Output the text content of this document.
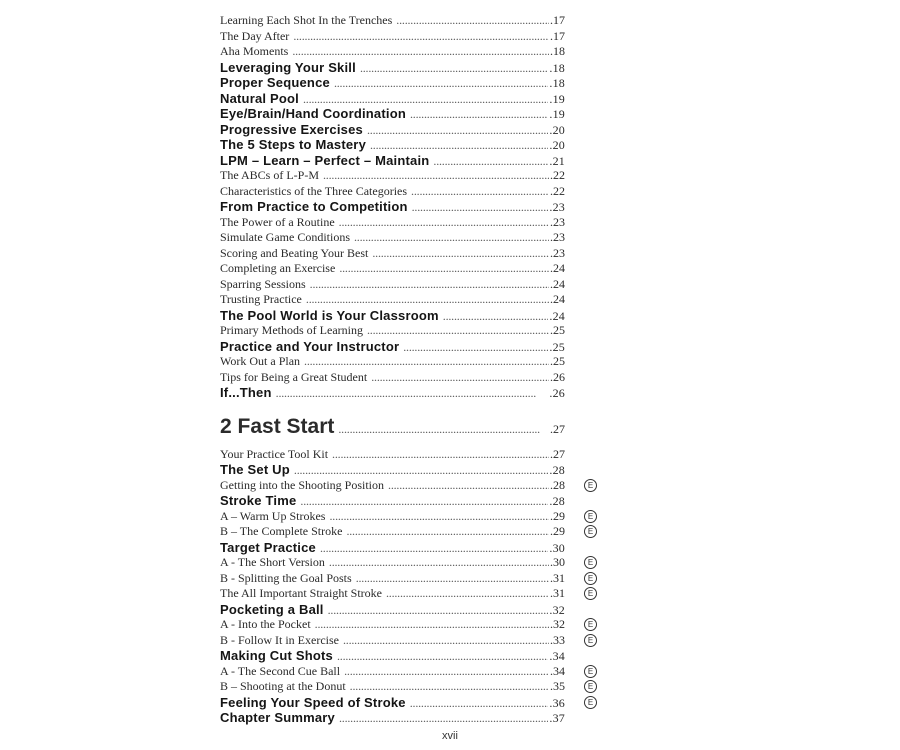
Learning Each Shot In the Trenches . . .	.17
The Day After . . .	.17
Aha Moments . . .	.18
Leveraging Your Skill . . .	.18
Proper Sequence . . .	.18
Natural Pool . . .	.19
Eye/Brain/Hand Coordination . . .	.19
Progressive Exercises . . .	.20
The 5 Steps to Mastery . . .	.20
LPM – Learn – Perfect – Maintain . . .	.21
The ABCs of L-P-M . . .	.22
Characteristics of the Three Categories . . .	.22
From Practice to Competition . . .	.23
The Power of a Routine . . .	.23
Simulate Game Conditions . . .	.23
Scoring and Beating Your Best . . .	.23
Completing an Exercise . . .	.24
Sparring Sessions . . .	.24
Trusting Practice . . .	.24
The Pool World is Your Classroom . . .	.24
Primary Methods of Learning . . .	.25
Practice and Your Instructor . . .	.25
Work Out a Plan . . .	.25
Tips for Being a Great Student . . .	.26
If...Then . . .	.26
2 Fast Start . . .	.27
Your Practice Tool Kit . . .	.27
The Set Up . . .	.28
Getting into the Shooting Position . . .	.28	E
Stroke Time . . .	.28
A – Warm Up Strokes . . .	.29	E
B – The Complete Stroke . . .	.29	E
Target Practice . . .	.30
A - The Short Version . . .	.30	E
B - Splitting the Goal Posts . . .	.31	E
The All Important Straight Stroke . . .	.31	E
Pocketing a Ball . . .	.32
A - Into the Pocket . . .	.32	E
B - Follow It in Exercise . . .	.33	E
Making Cut Shots . . .	.34
A - The Second Cue Ball . . .	.34	E
B – Shooting at the Donut . . .	.35	E
Feeling Your Speed of Stroke . . .	.36	E
Chapter Summary . . .	.37
xvii
